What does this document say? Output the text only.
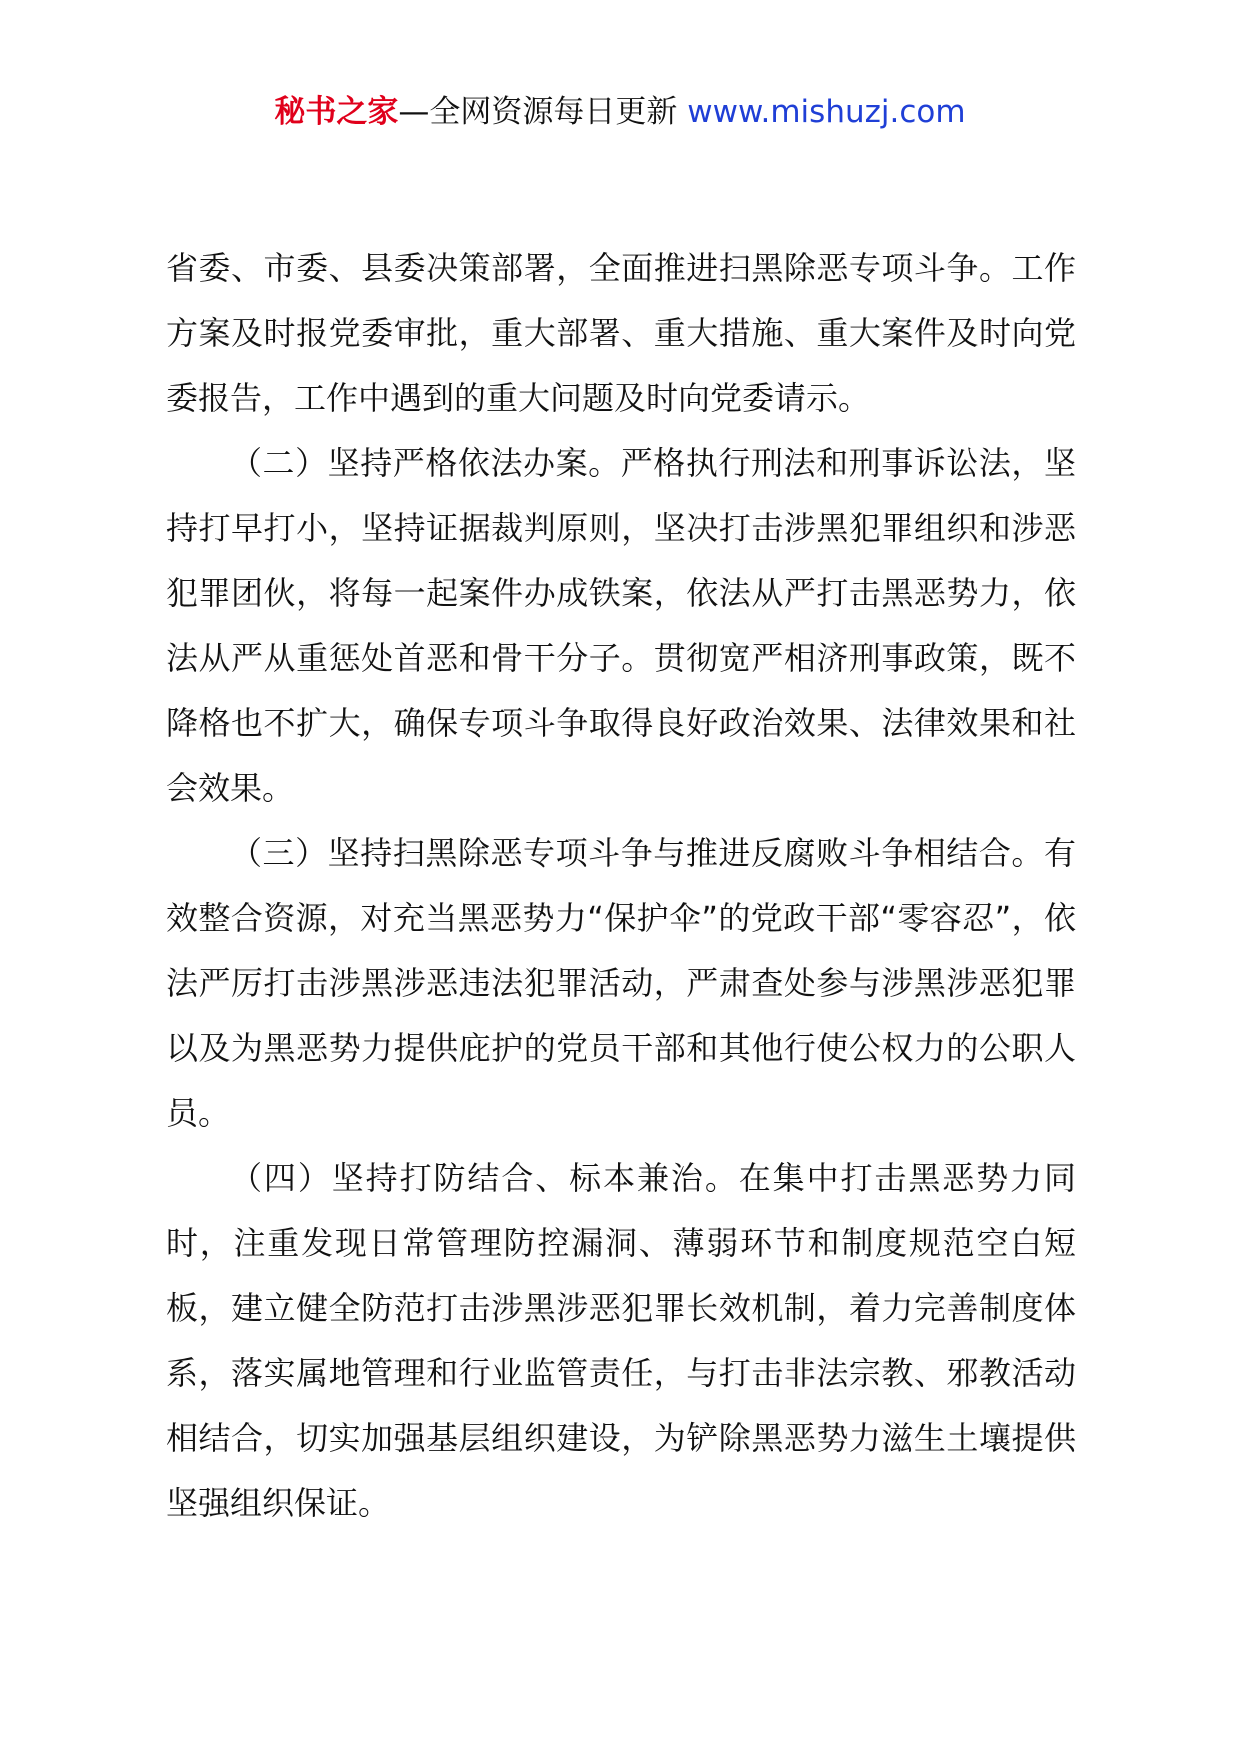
秘书之家—全网资源每日更新 www.mishuzj.com

省委、市委、县委决策部署，全面推进扫黑除恶专项斗争。工作方案及时报党委审批，重大部署、重大措施、重大案件及时向党委报告，工作中遇到的重大问题及时向党委请示。

（二）坚持严格依法办案。严格执行刑法和刑事诉讼法，坚持打早打小，坚持证据裁判原则，坚决打击涉黑犯罪组织和涉恶犯罪团伙，将每一起案件办成铁案，依法从严打击黑恶势力，依法从严从重惩处首恶和骨干分子。贯彻宽严相济刑事政策，既不降格也不扩大，确保专项斗争取得良好政治效果、法律效果和社会效果。

（三）坚持扫黑除恶专项斗争与推进反腐败斗争相结合。有效整合资源，对充当黑恶势力“保护伞”的党政干部“零容忍”，依法严厉打击涉黑涉恶违法犯罪活动，严肃查处参与涉黑涉恶犯罪以及为黑恶势力提供庇护的党员干部和其他行使公权力的公职人员。

（四）坚持打防结合、标本兼治。在集中打击黑恶势力同时，注重发现日常管理防控漏洞、薄弱环节和制度规范空白短板，建立健全防范打击涉黑涉恶犯罪长效机制，着力完善制度体系，落实属地管理和行业监管责任，与打击非法宗教、邪教活动相结合，切实加强基层组织建设，为铲除黑恶势力滋生土壤提供坚强组织保证。
